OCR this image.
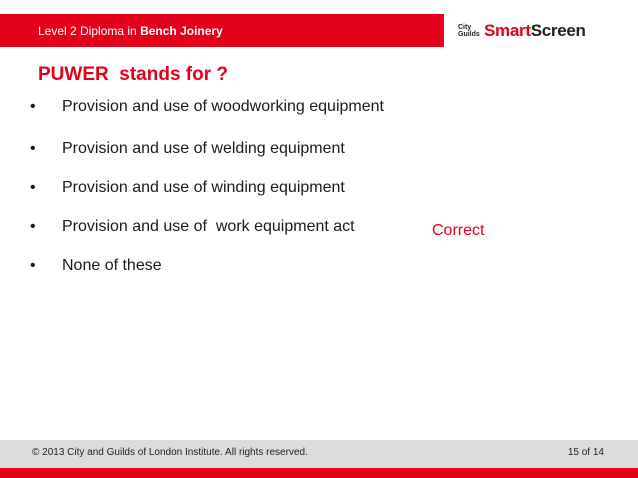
Level 2 Diploma in Bench Joinery	City
Guilds Smart Screen
PUWER  stands for ?

•

Provision and use of woodworking equipment

•

Provision and use of welding equipment

•

Provision and use of winding equipment

•

Provision and use of  work equipment act

•

None of these

Correct
© 2013 City and Guilds of London Institute. All rights reserved.	15 of 14
